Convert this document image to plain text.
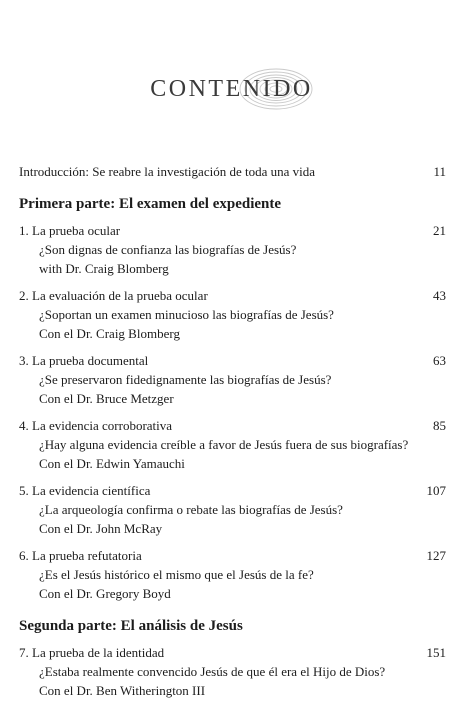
CONTENIDO
Introducción: Se reabre la investigación de toda una vida	11
Primera parte: El examen del expediente
1. La prueba ocular	21
¿Son dignas de confianza las biografías de Jesús?
with Dr. Craig Blomberg
2. La evaluación de la prueba ocular	43
¿Soportan un examen minucioso las biografías de Jesús?
Con el Dr. Craig Blomberg
3. La prueba documental	63
¿Se preservaron fidedignamente las biografías de Jesús?
Con el Dr. Bruce Metzger
4. La evidencia corroborativa	85
¿Hay alguna evidencia creíble a favor de Jesús fuera de sus biografías?
Con el Dr. Edwin Yamauchi
5. La evidencia científica	107
¿La arqueología confirma o rebate las biografías de Jesús?
Con el Dr. John McRay
6. La prueba refutatoria	127
¿Es el Jesús histórico el mismo que el Jesús de la fe?
Con el Dr. Gregory Boyd
Segunda parte: El análisis de Jesús
7. La prueba de la identidad	151
¿Estaba realmente convencido Jesús de que él era el Hijo de Dios?
Con el Dr. Ben Witherington III
